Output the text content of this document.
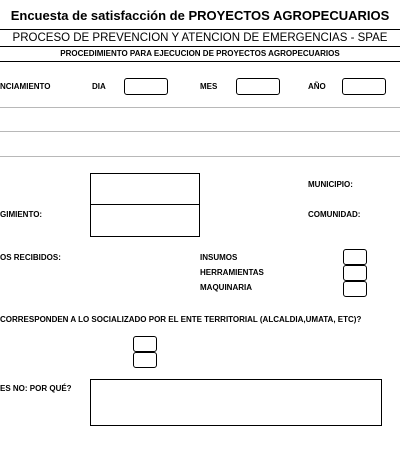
Encuesta de satisfacción de PROYECTOS AGROPECUARIOS
PROCESO DE PREVENCION Y ATENCION DE EMERGENCIAS - SPAE
PROCEDIMIENTO PARA EJECUCION DE PROYECTOS AGROPECUARIOS
NCIAMIENTO	DIA	MES	AÑO
MUNICIPIO:
GIMIENTO:	COMUNIDAD:
OS RECIBIDOS:	INSUMOS
HERRAMIENTAS
MAQUINARIA
CORRESPONDEN A LO SOCIALIZADO POR EL ENTE TERRITORIAL (ALCALDIA,UMATA, ETC)?
ES NO: POR QUÉ?
